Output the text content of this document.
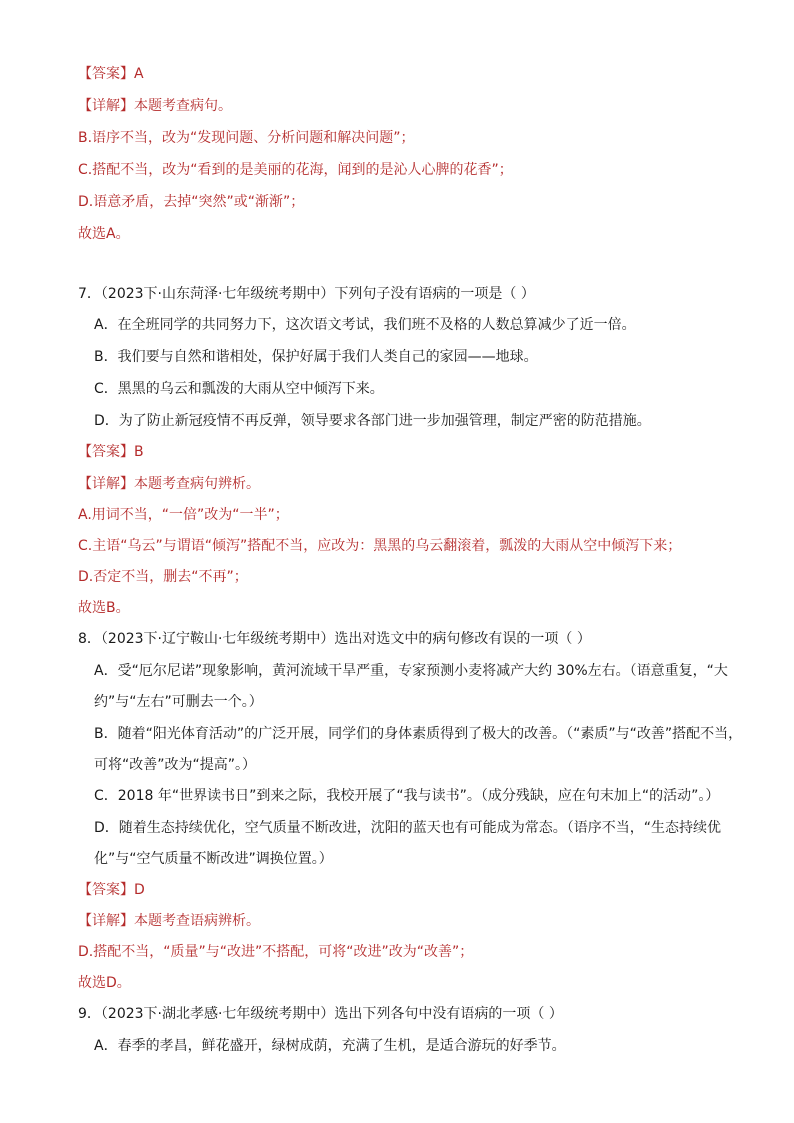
【答案】A
【详解】本题考查病句。
B.语序不当，改为“发现问题、分析问题和解决问题”；
C.搭配不当，改为“看到的是美丽的花海，闻到的是沁人心脾的花香”；
D.语意矛盾，去掉“突然”或“渐渐”；
故选A。
7．（2023下·山东菏泽·七年级统考期中）下列句子没有语病的一项是（ ）
A．在全班同学的共同努力下，这次语文考试，我们班不及格的人数总算减少了近一倍。
B．我们要与自然和谐相处，保护好属于我们人类自己的家园——地球。
C．黑黑的乌云和瓢泼的大雨从空中倾泻下来。
D．为了防止新冠疫情不再反弹，领导要求各部门进一步加强管理，制定严密的防范措施。
【答案】B
【详解】本题考查病句辨析。
A.用词不当，“一倍”改为“一半”；
C.主语“乌云”与谓语“倾泻”搭配不当，应改为：黑黑的乌云翻滚着，瓢泼的大雨从空中倾泻下来；
D.否定不当，删去“不再”；
故选B。
8．（2023下·辽宁鞍山·七年级统考期中）选出对选文中的病句修改有误的一项（ ）
A．受“厄尔尼诺”现象影响，黄河流域干旱严重，专家预测小麦将减产大约 30%左右。（语意重复，“大
约”与“左右”可删去一个。）
B．随着“阳光体育活动”的广泛开展，同学们的身体素质得到了极大的改善。（“素质”与“改善”搭配不当，
可将“改善”改为“提高”。）
C．2018 年“世界读书日”到来之际，我校开展了“我与读书”。（成分残缺，应在句末加上“的活动”。）
D．随着生态持续优化，空气质量不断改进，沈阳的蓝天也有可能成为常态。（语序不当，“生态持续优
化”与“空气质量不断改进”调换位置。）
【答案】D
【详解】本题考查语病辨析。
D.搭配不当，“质量”与“改进”不搭配，可将“改进”改为“改善”；
故选D。
9．（2023下·湖北孝感·七年级统考期中）选出下列各句中没有语病的一项（ ）
A．春季的孝昌，鲜花盛开，绿树成荫，充满了生机，是适合游玩的好季节。
